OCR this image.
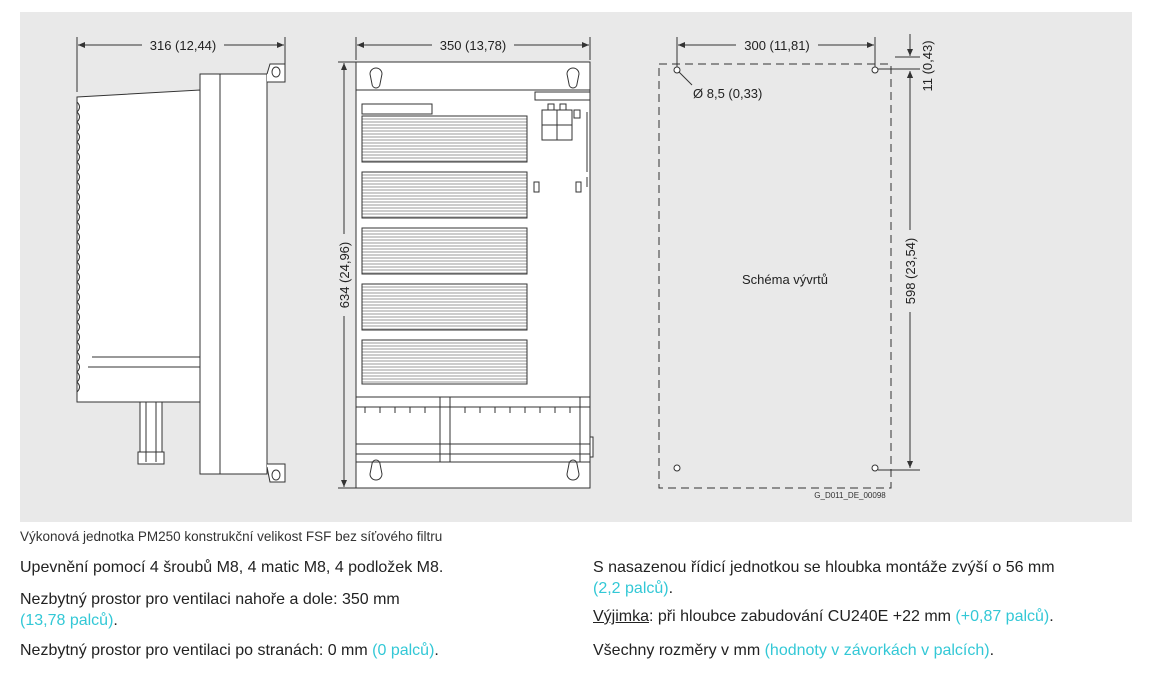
316 (12,44)	350 (13,78)
634 (24,96)
300 (11,81)
598 (23,54)
11 (0,43)
Ø 8,5 (0,33)
Schéma vývrtů
G_D011_DE_00098
Výkonová jednotka PM250 konstrukční velikost FSF bez síťového filtru
Upevnění pomocí 4 šroubů M8, 4 matic M8, 4 podložek M8.
Nezbytný prostor pro ventilaci nahoře a dole: 350 mm
(13,78 palců).
Nezbytný prostor pro ventilaci po stranách: 0 mm (0 palců).
S nasazenou řídicí jednotkou se hloubka montáže zvýší o 56 mm
(2,2 palců).
Výjimka: při hloubce zabudování CU240E +22 mm (+0,87 palců).
Všechny rozměry v mm (hodnoty v závorkách v palcích).
